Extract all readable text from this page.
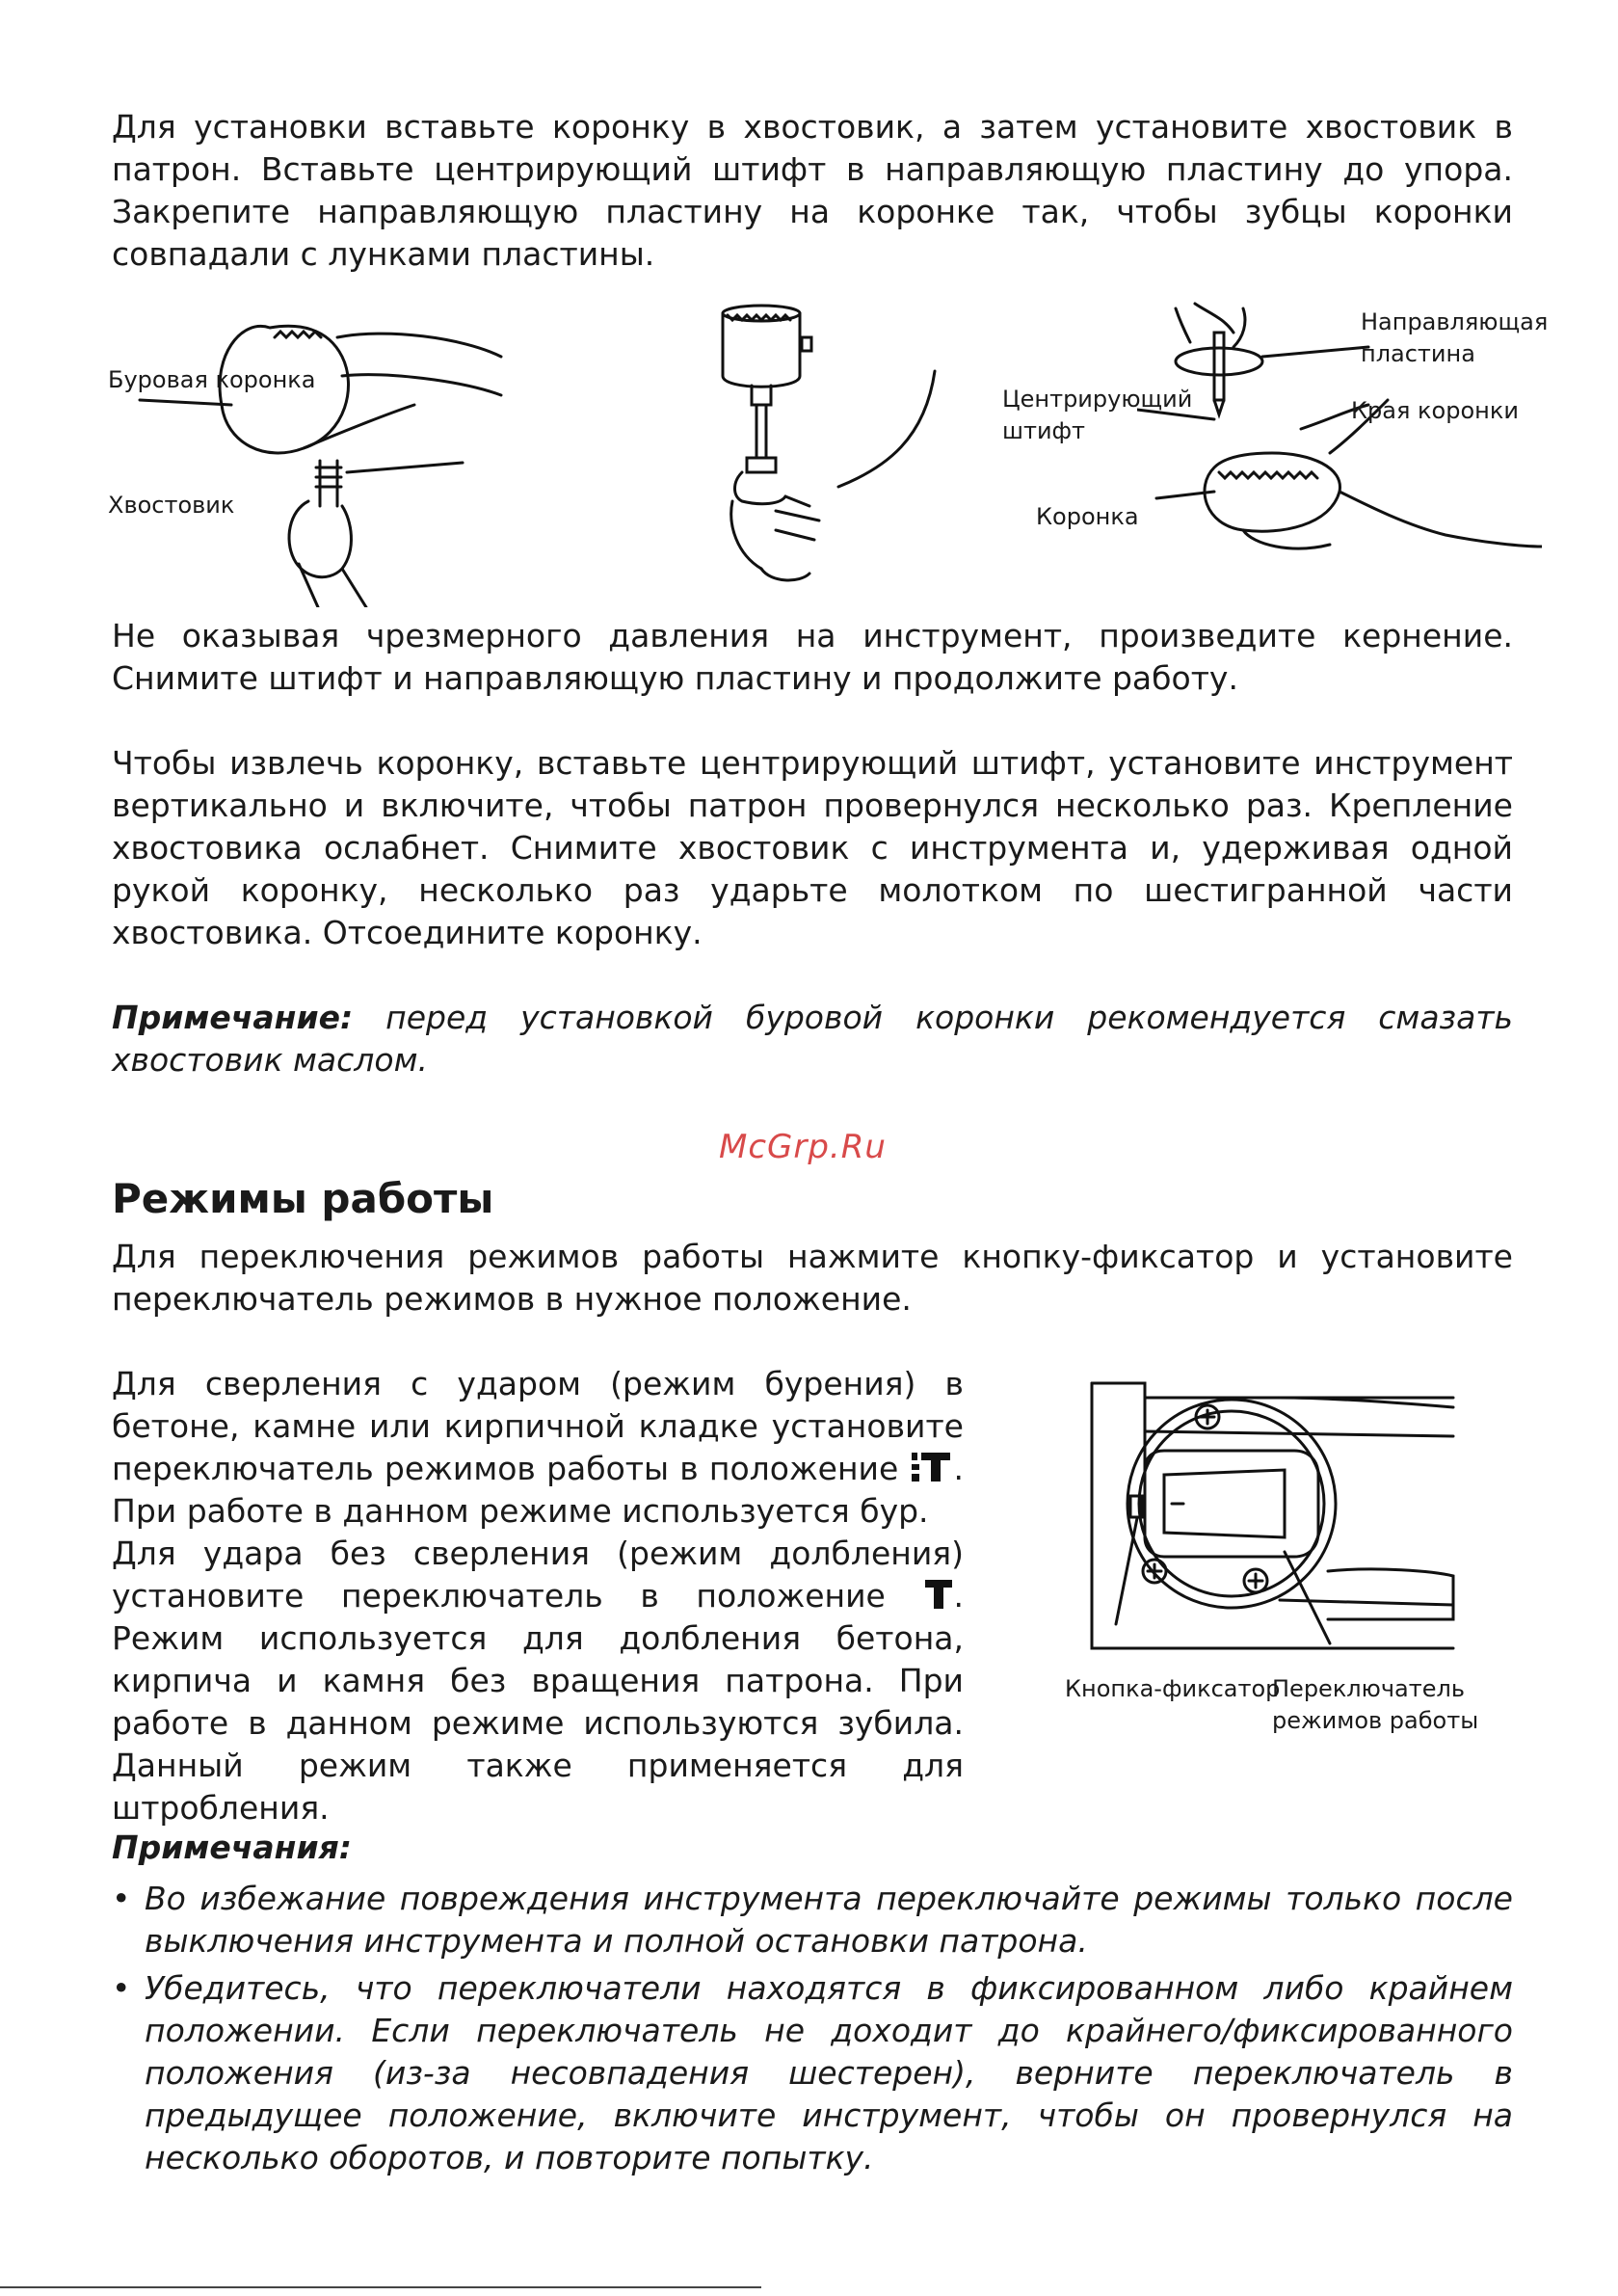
Для установки вставьте коронку в хвостовик, а затем установите хвостовик в патрон. Вставьте центрирующий штифт в направляющую пластину до упора. Закрепите направляющую пластину на коронке так, чтобы зубцы коронки совпадали с лунками пластины.

Буровая коронка

Хвостовик

Направляющая пластина

Центрирующий штифт

Края коронки

Коронка

Не оказывая чрезмерного давления на инструмент, произведите кернение. Снимите штифт и направляющую пластину и продолжите работу.

Чтобы извлечь коронку, вставьте центрирующий штифт, установите инструмент вертикально и включите, чтобы патрон провернулся несколько раз. Крепление хвостовика ослабнет. Снимите хвостовик с инструмента и, удерживая одной рукой коронку, несколько раз ударьте молотком по шестигранной части хвостовика. Отсоедините коронку.

Примечание: перед установкой буровой коронки рекомендуется смазать хвостовик маслом.

McGrp.Ru
Режимы работы

Для переключения режимов работы нажмите кнопку-фиксатор и установите переключатель режимов в нужное положение.

Для сверления с ударом (режим бурения) в бетоне, камне или кирпичной кладке установите переключатель режимов работы в положение . При работе в данном режиме используется бур.

Для удара без сверления (режим долбления) установите переключатель в положение . Режим используется для долбления бетона, кирпича и камня без вращения патрона. При работе в данном режиме используются зубила. Данный режим также применяется для штробления.

Кнопка-фиксатор

Переключатель режимов работы

Примечания:

• Во избежание повреждения инструмента переключайте режимы только после выключения инструмента и полной остановки патрона.
• Убедитесь, что переключатели находятся в фиксированном либо крайнем положении. Если переключатель не доходит до крайнего/фиксированного положения (из-за несовпадения шестерен), верните переключатель в предыдущее положение, включите инструмент, чтобы он провернулся на несколько оборотов, и повторите попытку.
